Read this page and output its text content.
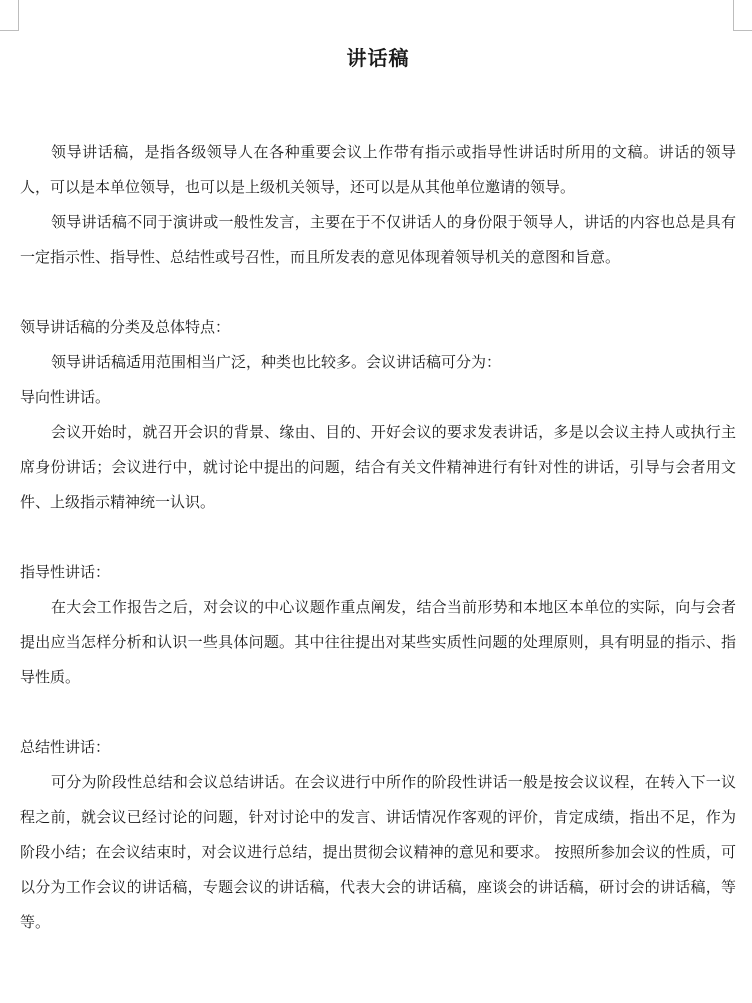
讲话稿

领导讲话稿，是指各级领导人在各种重要会议上作带有指示或指导性讲话时所用的文稿。讲话的领导人，可以是本单位领导，也可以是上级机关领导，还可以是从其他单位邀请的领导。

领导讲话稿不同于演讲或一般性发言，主要在于不仅讲话人的身份限于领导人，讲话的内容也总是具有一定指示性、指导性、总结性或号召性，而且所发表的意见体现着领导机关的意图和旨意。

领导讲话稿的分类及总体特点：

领导讲话稿适用范围相当广泛，种类也比较多。会议讲话稿可分为：

导向性讲话。

会议开始时，就召开会识的背景、缘由、目的、开好会议的要求发表讲话，多是以会议主持人或执行主席身份讲话；会议进行中，就讨论中提出的问题，结合有关文件精神进行有针对性的讲话，引导与会者用文件、上级指示精神统一认识。

指导性讲话：

在大会工作报告之后，对会议的中心议题作重点阐发，结合当前形势和本地区本单位的实际，向与会者提出应当怎样分析和认识一些具体问题。其中往往提出对某些实质性问题的处理原则，具有明显的指示、指导性质。

总结性讲话：

可分为阶段性总结和会议总结讲话。在会议进行中所作的阶段性讲话一般是按会议议程，在转入下一议程之前，就会议已经讨论的问题，针对讨论中的发言、讲话情况作客观的评价，肯定成绩，指出不足，作为阶段小结；在会议结束时，对会议进行总结，提出贯彻会议精神的意见和要求。 按照所参加会议的性质，可以分为工作会议的讲话稿，专题会议的讲话稿，代表大会的讲话稿，座谈会的讲话稿，研讨会的讲话稿，等等。
